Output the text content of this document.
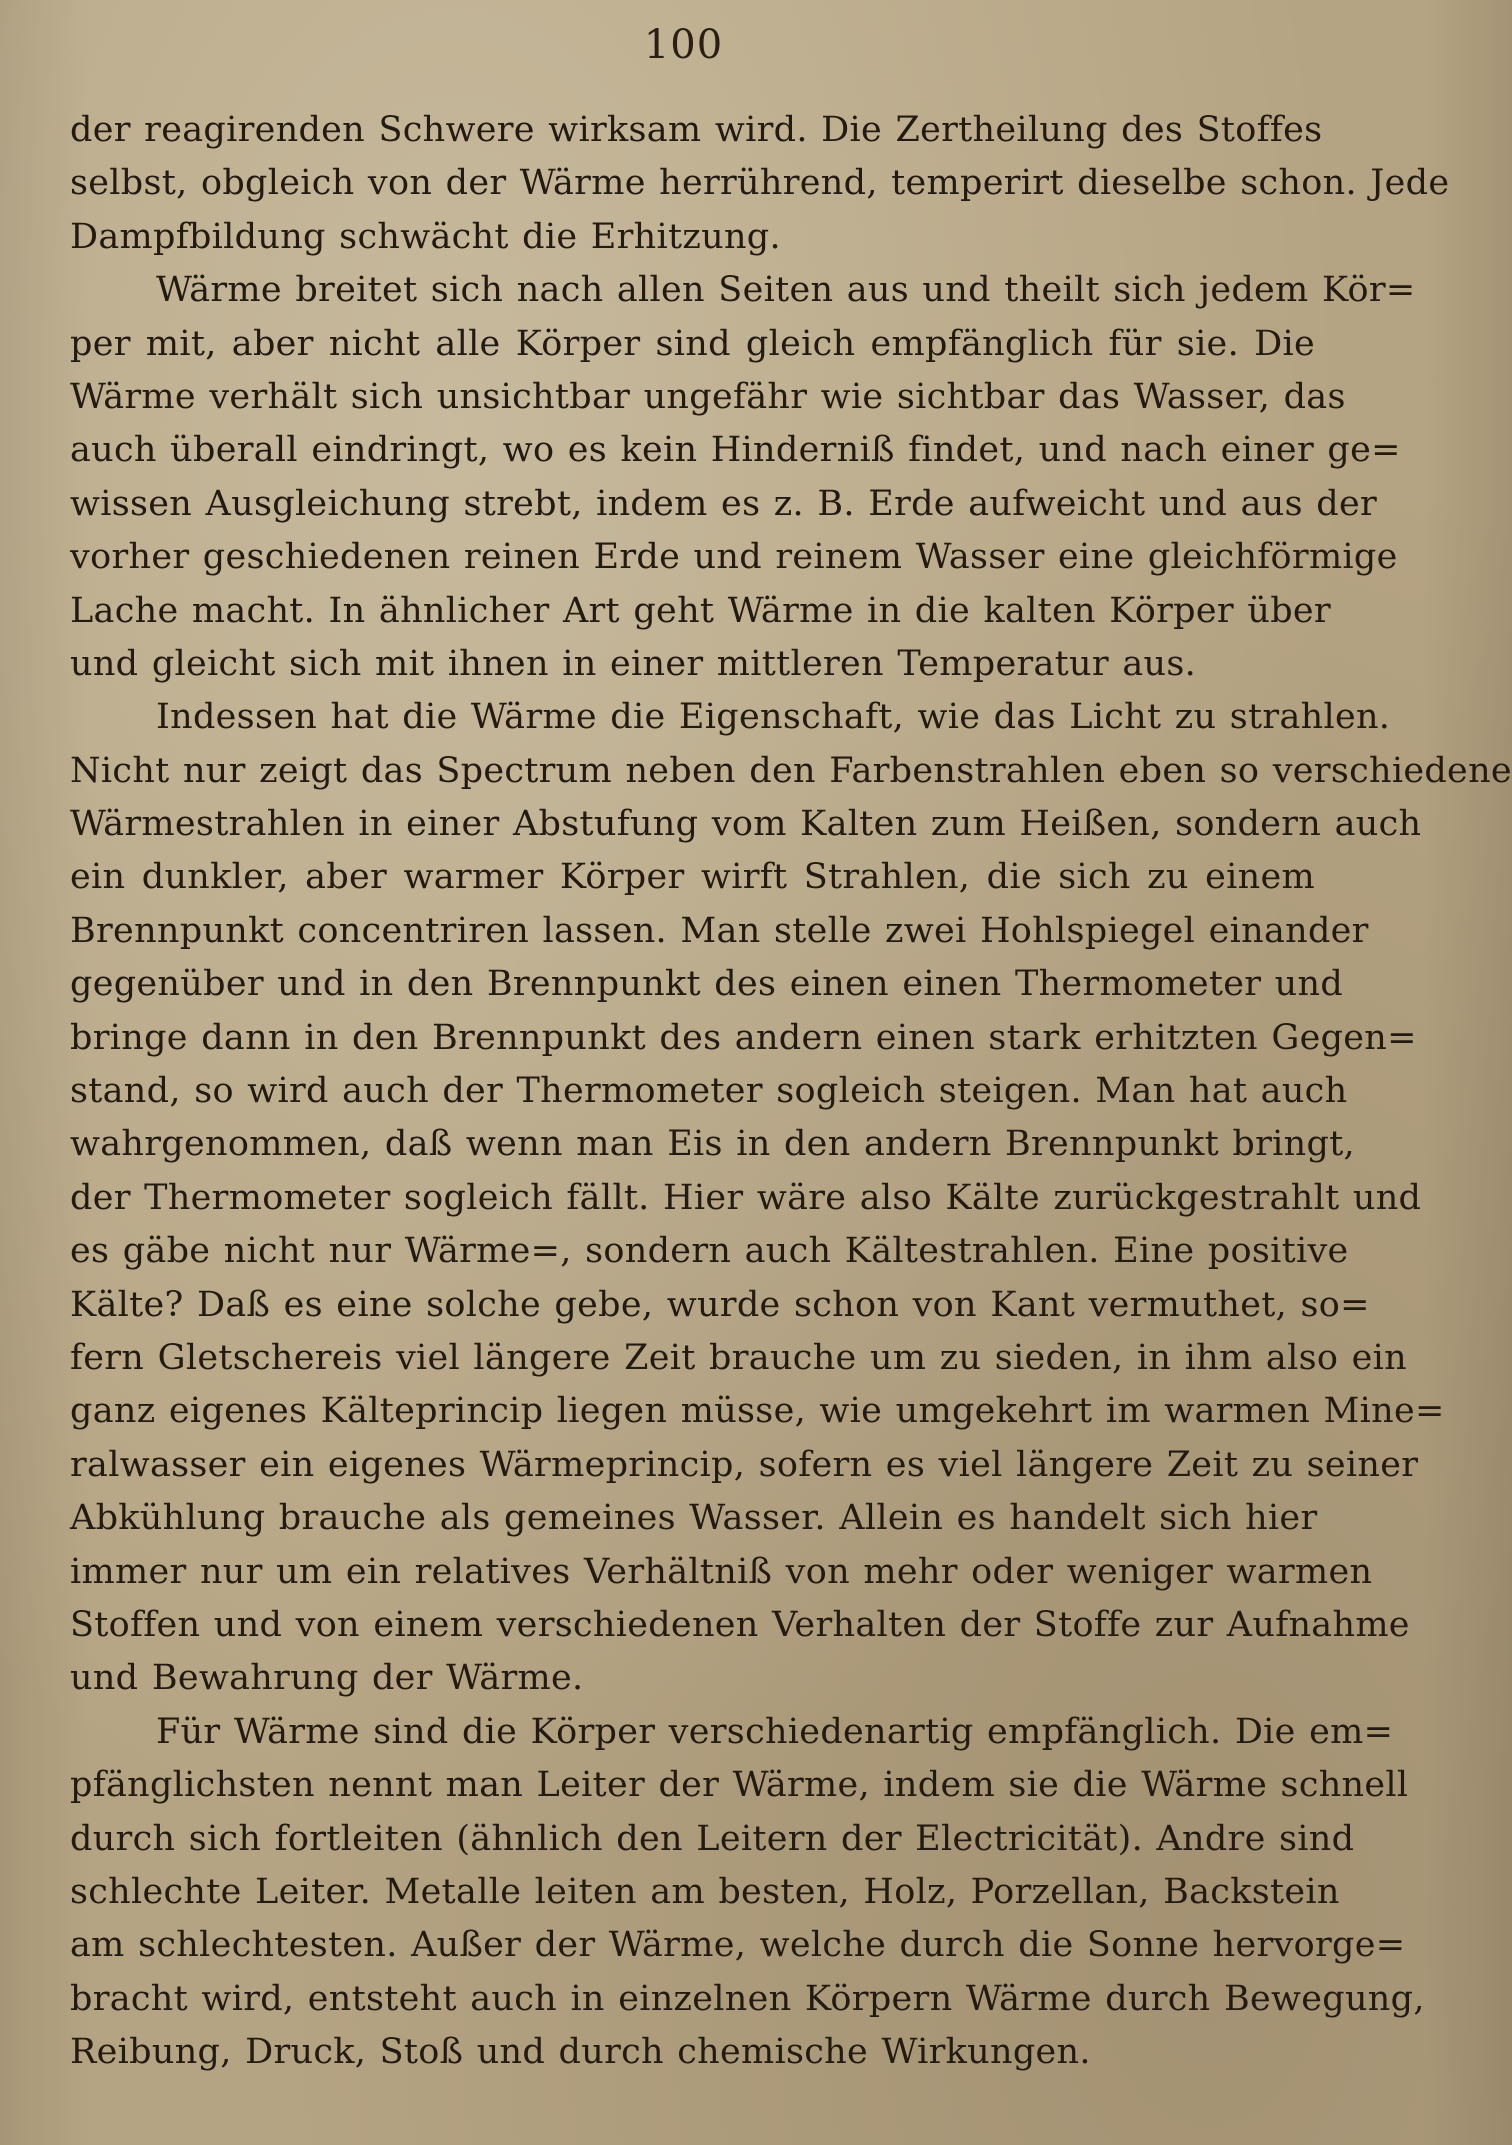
100
der reagirenden Schwere wirksam wird. Die Zertheilung des Stoffes
selbst, obgleich von der Wärme herrührend, temperirt dieselbe schon. Jede
Dampfbildung schwächt die Erhitzung.
Wärme breitet sich nach allen Seiten aus und theilt sich jedem Kör=
per mit, aber nicht alle Körper sind gleich empfänglich für sie. Die
Wärme verhält sich unsichtbar ungefähr wie sichtbar das Wasser, das
auch überall eindringt, wo es kein Hinderniß findet, und nach einer ge=
wissen Ausgleichung strebt, indem es z. B. Erde aufweicht und aus der
vorher geschiedenen reinen Erde und reinem Wasser eine gleichförmige
Lache macht. In ähnlicher Art geht Wärme in die kalten Körper über
und gleicht sich mit ihnen in einer mittleren Temperatur aus.
Indessen hat die Wärme die Eigenschaft, wie das Licht zu strahlen.
Nicht nur zeigt das Spectrum neben den Farbenstrahlen eben so verschiedene
Wärmestrahlen in einer Abstufung vom Kalten zum Heißen, sondern auch
ein dunkler, aber warmer Körper wirft Strahlen, die sich zu einem
Brennpunkt concentriren lassen. Man stelle zwei Hohlspiegel einander
gegenüber und in den Brennpunkt des einen einen Thermometer und
bringe dann in den Brennpunkt des andern einen stark erhitzten Gegen=
stand, so wird auch der Thermometer sogleich steigen. Man hat auch
wahrgenommen, daß wenn man Eis in den andern Brennpunkt bringt,
der Thermometer sogleich fällt. Hier wäre also Kälte zurückgestrahlt und
es gäbe nicht nur Wärme=, sondern auch Kältestrahlen. Eine positive
Kälte? Daß es eine solche gebe, wurde schon von Kant vermuthet, so=
fern Gletschereis viel längere Zeit brauche um zu sieden, in ihm also ein
ganz eigenes Kälteprincip liegen müsse, wie umgekehrt im warmen Mine=
ralwasser ein eigenes Wärmeprincip, sofern es viel längere Zeit zu seiner
Abkühlung brauche als gemeines Wasser. Allein es handelt sich hier
immer nur um ein relatives Verhältniß von mehr oder weniger warmen
Stoffen und von einem verschiedenen Verhalten der Stoffe zur Aufnahme
und Bewahrung der Wärme.
Für Wärme sind die Körper verschiedenartig empfänglich. Die em=
pfänglichsten nennt man Leiter der Wärme, indem sie die Wärme schnell
durch sich fortleiten (ähnlich den Leitern der Electricität). Andre sind
schlechte Leiter. Metalle leiten am besten, Holz, Porzellan, Backstein
am schlechtesten. Außer der Wärme, welche durch die Sonne hervorge=
bracht wird, entsteht auch in einzelnen Körpern Wärme durch Bewegung,
Reibung, Druck, Stoß und durch chemische Wirkungen.
